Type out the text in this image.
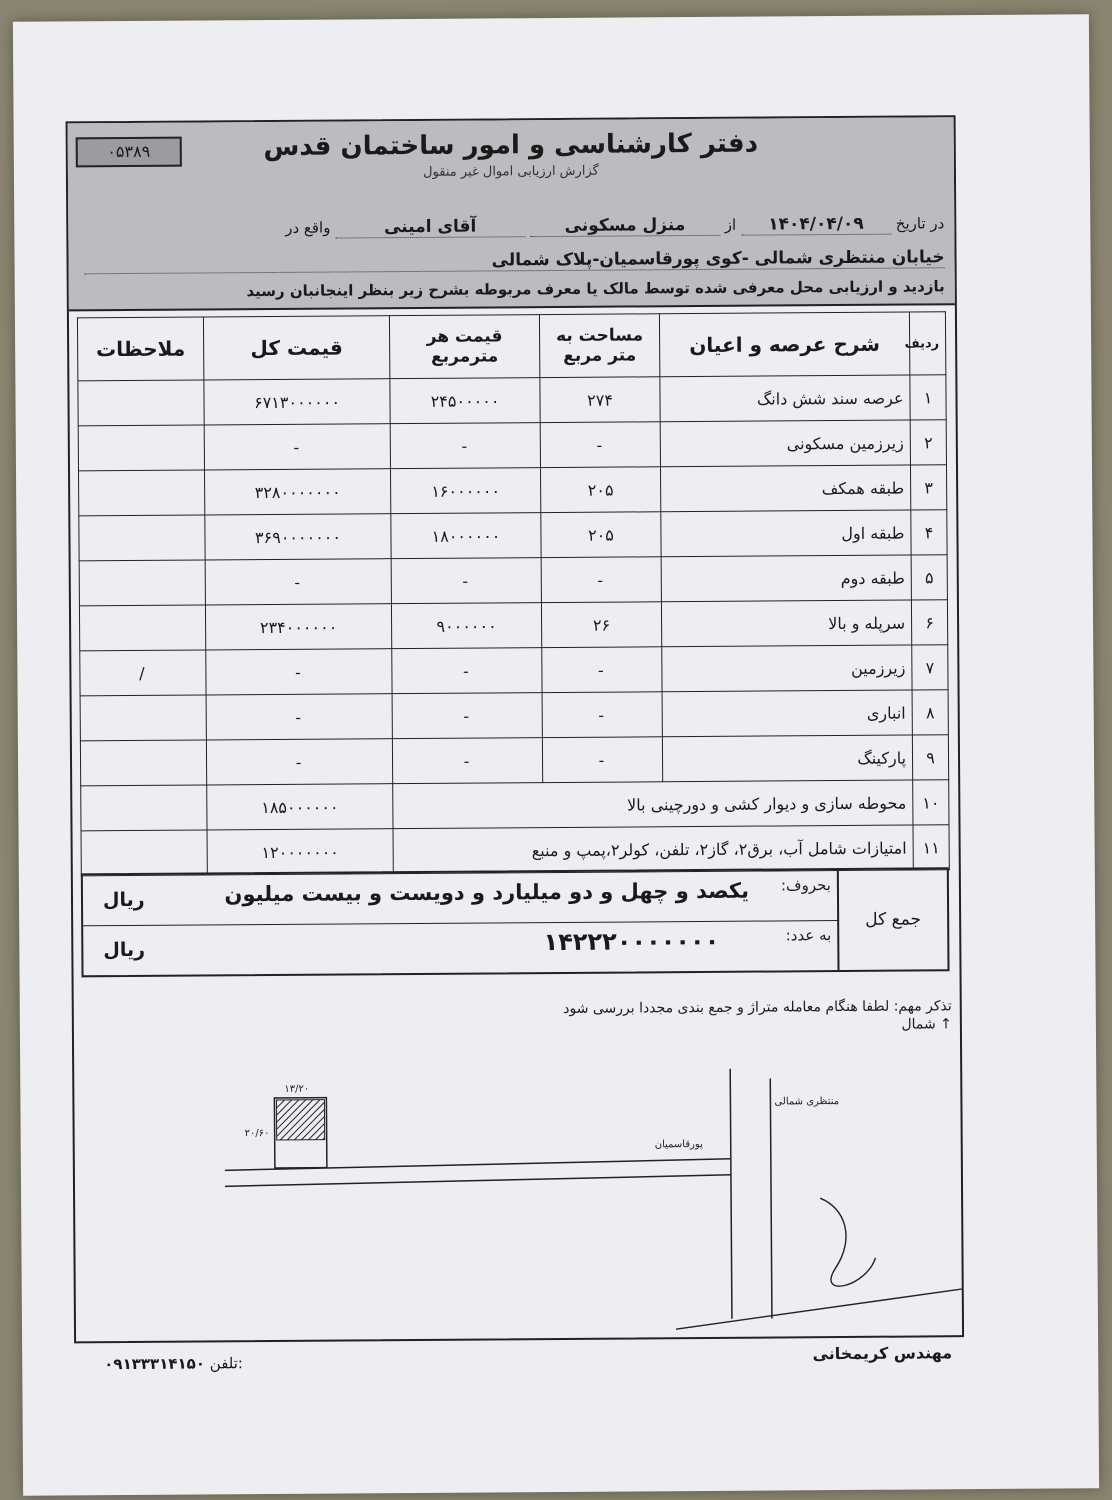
۰۵۳۸۹	دفتر کارشناسی و امور ساختمان قدس
گزارش ارزیابی اموال غیر منقول
در تاریخ ۱۴۰۴/۰۴/۰۹ از منزل مسکونی آقای امینی واقع در
خیابان منتظری شمالی -کوی پورقاسمیان-پلاک شمالی
بازدید و ارزیابی محل معرفی شده توسط مالک یا معرف مربوطه بشرح زیر بنظر اینجانبان رسید
ردیف	شرح عرصه و اعیان	مساحت به متر مربع	قیمت هر مترمربع	قیمت کل	ملاحظات
۱	عرصه سند شش دانگ	۲۷۴	۲۴۵۰۰۰۰۰	۶۷۱۳۰۰۰۰۰۰	
۲	زیرزمین مسکونی	-	-	-	
۳	طبقه همکف	۲۰۵	۱۶۰۰۰۰۰۰	۳۲۸۰۰۰۰۰۰۰	
۴	طبقه اول	۲۰۵	۱۸۰۰۰۰۰۰	۳۶۹۰۰۰۰۰۰۰	
۵	طبقه دوم	-	-	-	
۶	سرپله و بالا	۲۶	۹۰۰۰۰۰۰	۲۳۴۰۰۰۰۰۰	
۷	زیرزمین	-	-	-	/
۸	انباری	-	-	-	
۹	پارکینگ	-	-	-	
۱۰	محوطه سازی و دیوار کشی و دورچینی بالا			۱۸۵۰۰۰۰۰۰	
۱۱	امتیازات شامل آب، برق۲، گاز۲، تلفن، کولر۲،پمپ و منبع			۱۲۰۰۰۰۰۰۰	
جمع کل
بحروف:
یکصد و چهل و دو میلیارد و دویست و بیست میلیون
ریال
به عدد:
۱۴۲۲۲۰۰۰۰۰۰۰
ریال
تذکر مهم: لطفا هنگام معامله متراژ و جمع بندی مجددا بررسی شود
↑ شمال
منتظری شمالی
پورقاسمیان
۱۳/۲۰
۲۰/۶۰
مهندس کریمخانی
۰۹۱۳۳۳۱۴۱۵۰ تلفن:
